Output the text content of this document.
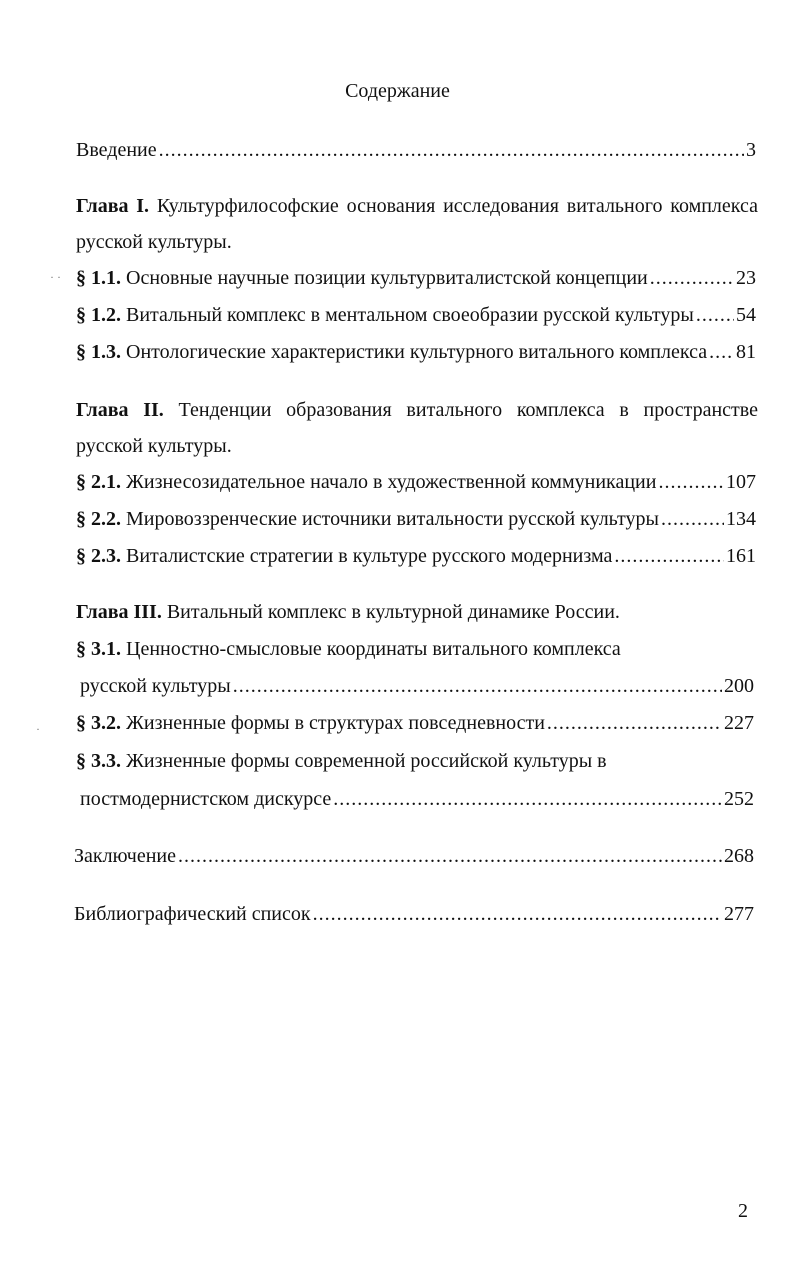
Содержание
Введение .....	3
Глава I. Культурфилософские основания исследования витального комплекса русской культуры.
§ 1.1. Основные научные позиции культурвиталистской концепции .....	23
§ 1.2. Витальный комплекс в ментальном своеобразии русской культуры ..... 54
§ 1.3. Онтологические характеристики культурного витального комплекса ..... 81
Глава II. Тенденции образования витального комплекса в пространстве русской культуры.
§ 2.1. Жизнесозидательное начало в художественной коммуникации .....	107
§ 2.2. Мировоззренческие источники витальности русской культуры .....	134
§ 2.3. Виталистские стратегии в культуре русского модернизма .....	161
Глава III. Витальный комплекс в культурной динамике России.
§ 3.1. Ценностно-смысловые координаты витального комплекса
русской культуры .....	200
§ 3.2. Жизненные формы в структурах повседневности .....	227
§ 3.3. Жизненные формы современной российской культуры в
постмодернистском дискурсе .....	252
Заключение .....	268
Библиографический список .....	277
· ·
·
2
